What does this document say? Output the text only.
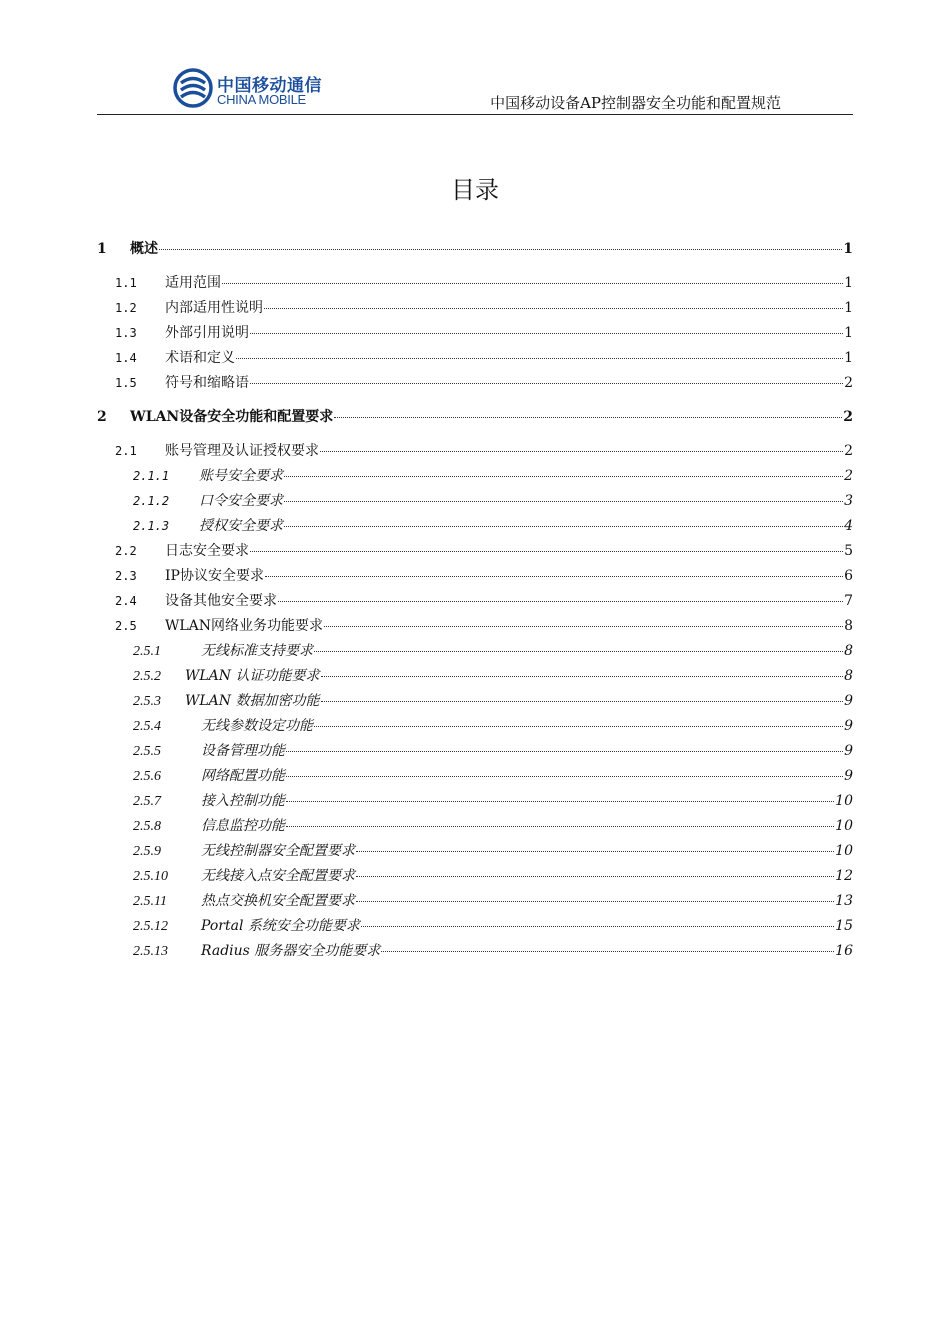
中国移动通信
CHINA MOBILE	中国移动设备AP控制器安全功能和配置规范
目录
1	概述	1
1.1	适用范围	1
1.2	内部适用性说明	1
1.3	外部引用说明	1
1.4	术语和定义	1
1.5	符号和缩略语	2
2	WLAN设备安全功能和配置要求	2
2.1	账号管理及认证授权要求	2
2.1.1	账号安全要求	2
2.1.2	口令安全要求	3
2.1.3	授权安全要求	4
2.2	日志安全要求	5
2.3	IP协议安全要求	6
2.4	设备其他安全要求	7
2.5	WLAN网络业务功能要求	8
2.5.1	无线标准支持要求	8
2.5.2	WLAN 认证功能要求	8
2.5.3	WLAN 数据加密功能	9
2.5.4	无线参数设定功能	9
2.5.5	设备管理功能	9
2.5.6	网络配置功能	9
2.5.7	接入控制功能	10
2.5.8	信息监控功能	10
2.5.9	无线控制器安全配置要求	10
2.5.10	无线接入点安全配置要求	12
2.5.11	热点交换机安全配置要求	13
2.5.12	Portal 系统安全功能要求	15
2.5.13	Radius 服务器安全功能要求	16
